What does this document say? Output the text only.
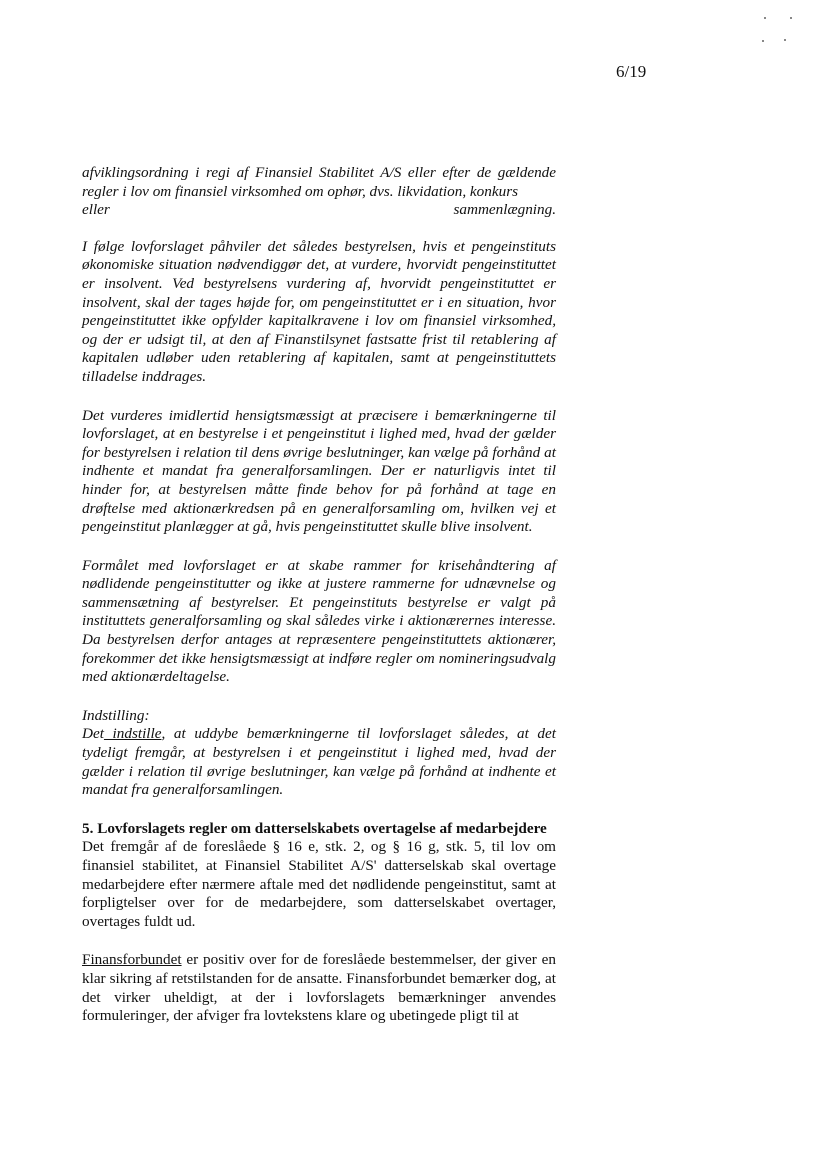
6/19
afviklingsordning i regi af Finansiel Stabilitet A/S eller efter de gældende regler i lov om finansiel virksomhed om ophør, dvs. likvidation, konkurs
eller sammenlægning.

I følge lovforslaget påhviler det således bestyrelsen, hvis et pengeinstituts økonomiske situation nødvendiggør det, at vurdere, hvorvidt pengeinstituttet er insolvent. Ved bestyrelsens vurdering af, hvorvidt pengeinstituttet er insolvent, skal der tages højde for, om pengeinstituttet er i en situation, hvor pengeinstituttet ikke opfylder kapitalkravene i lov om finansiel virksomhed, og der er udsigt til, at den af Finanstilsynet fastsatte frist til retablering af kapitalen udløber uden retablering af kapitalen, samt at pengeinstituttets tilladelse inddrages.

Det vurderes imidlertid hensigtsmæssigt at præcisere i bemærkningerne til lovforslaget, at en bestyrelse i et pengeinstitut i lighed med, hvad der gælder for bestyrelsen i relation til dens øvrige beslutninger, kan vælge på forhånd at indhente et mandat fra generalforsamlingen. Der er naturligvis intet til hinder for, at bestyrelsen måtte finde behov for på forhånd at tage en drøftelse med aktionærkredsen på en generalforsamling om, hvilken vej et pengeinstitut planlægger at gå, hvis pengeinstituttet skulle blive insolvent.

Formålet med lovforslaget er at skabe rammer for krisehåndtering af nødlidende pengeinstitutter og ikke at justere rammerne for udnævnelse og sammensætning af bestyrelser. Et pengeinstituts bestyrelse er valgt på instituttets generalforsamling og skal således virke i aktionærernes interesse. Da bestyrelsen derfor antages at repræsentere pengeinstituttets aktionærer, forekommer det ikke hensigtsmæssigt at indføre regler om nomineringsudvalg med aktionærdeltagelse.

Indstilling:

Det indstille, at uddybe bemærkningerne til lovforslaget således, at det tydeligt fremgår, at bestyrelsen i et pengeinstitut i lighed med, hvad der gælder i relation til øvrige beslutninger, kan vælge på forhånd at indhente et mandat fra generalforsamlingen.

5. Lovforslagets regler om datterselskabets overtagelse af medarbejdere

Det fremgår af de foreslåede § 16 e, stk. 2, og § 16 g, stk. 5, til lov om finansiel stabilitet, at Finansiel Stabilitet A/S' datterselskab skal overtage medarbejdere efter nærmere aftale med det nødlidende pengeinstitut, samt at forpligtelser over for de medarbejdere, som datterselskabet overtager, overtages fuldt ud.

Finansforbundet er positiv over for de foreslåede bestemmelser, der giver en klar sikring af retstilstanden for de ansatte. Finansforbundet bemærker dog, at det virker uheldigt, at der i lovforslagets bemærkninger anvendes formuleringer, der afviger fra lovtekstens klare og ubetingede pligt til at
